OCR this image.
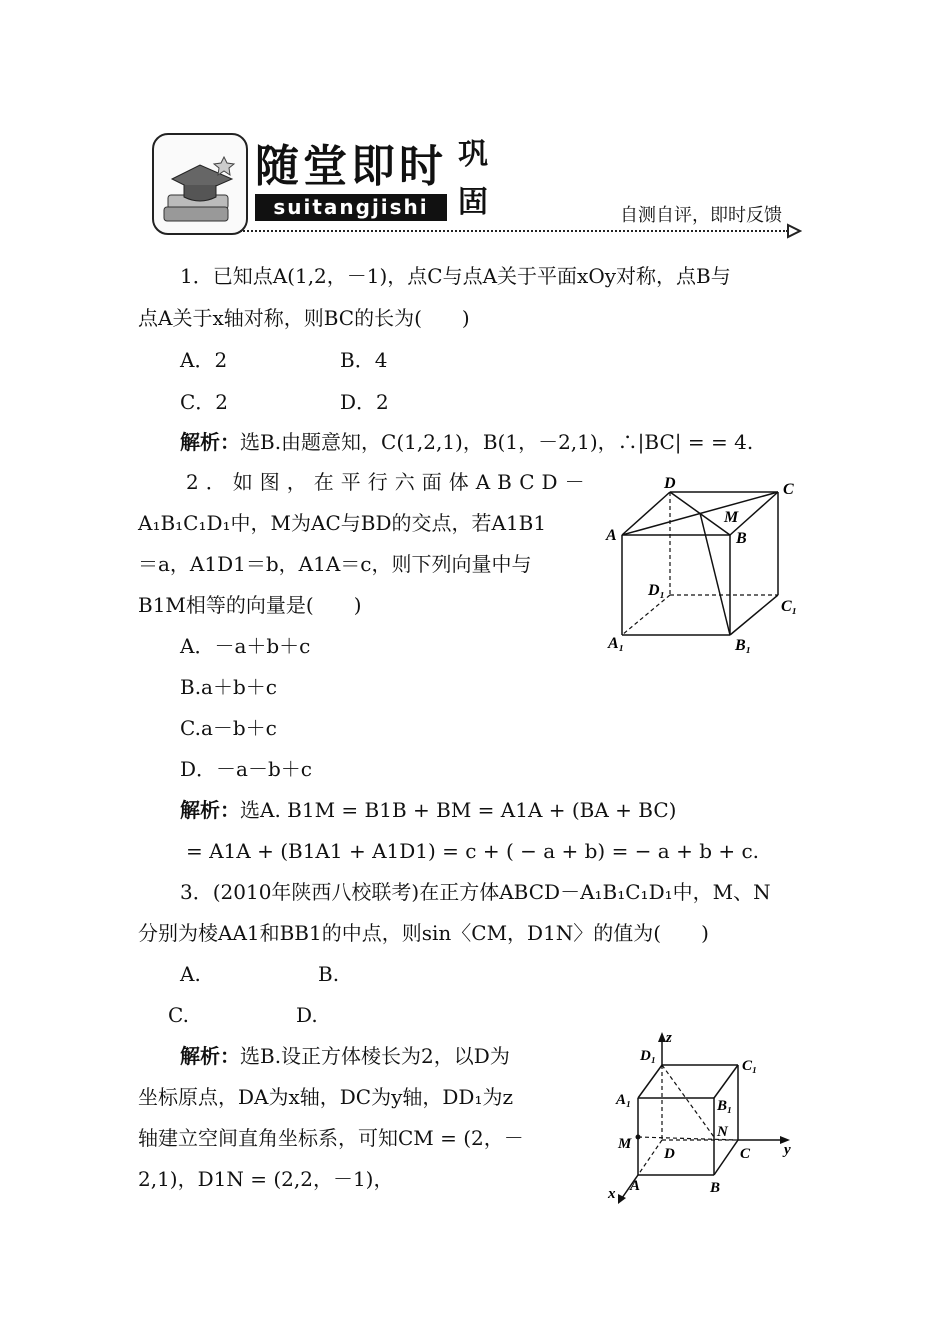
随 堂 即 时
suitangjishi
巩
固	自测自评，即时反馈
1．已知点A(1,2，－1)，点C与点A关于平面xOy对称，点B与
点A关于x轴对称，则BC的长为(　　)
A．2	B．4
C．2	D．2
解析：选B.由题意知，C(1,2,1)，B(1，－2,1)，∴|BC| = = 4.
2．如图，在平行六面体ABCD－
A₁B₁C₁D₁中，M为AC与BD的交点，若A1B1
＝a，A1D1＝b，A1A＝c，则下列向量中与
B1M相等的向量是(　　)
A．－a＋b＋c
B.a＋b＋c
C.a－b＋c
D．－a－b＋c
解析：选A. B1M = B1B + BM = A1A + (BA + BC)
= A1A + (B1A1 + A1D1) = c + ( − a + b) = − a + b + c.
D	C
A	B
M
D₁
C₁
A₁	B₁
3．(2010年陕西八校联考)在正方体ABCD－A₁B₁C₁D₁中，M、N
分别为棱AA1和BB1的中点，则sin〈CM，D1N〉的值为(　　)
A.	B.
C.	D.
解析：选B.设正方体棱长为2，以D为
坐标原点，DA为x轴，DC为y轴，DD₁为z
轴建立空间直角坐标系，可知CM = (2，－
2,1)，D1N = (2,2，－1)，
z
y
x
D₁
C₁
A₁	B₁
M
N
D	C
A	B
